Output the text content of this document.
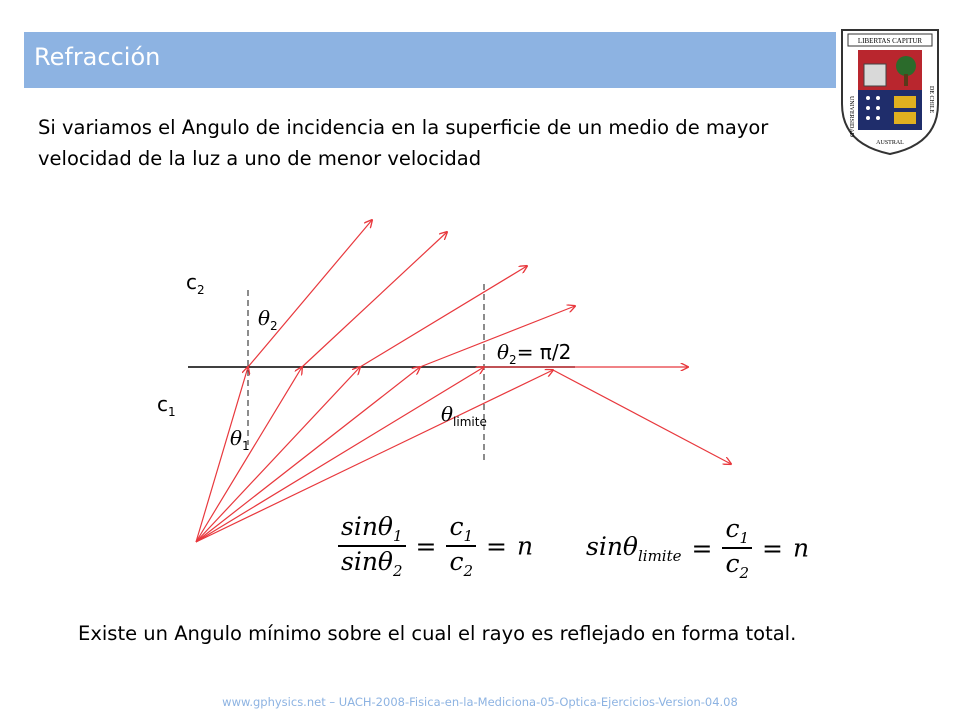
Refracción
Si variamos el Angulo de incidencia en la superficie de un medio de mayor velocidad de la luz a uno de menor velocidad
LIBERTAS CAPITUR
UNIVERSIDAD
AUSTRAL
DE CHILE
$c_2$
$c_1$
$\theta_2$
$\theta_1$
$\theta_2= \pi/2$
$\theta_{limite}$
$\frac{\sin\theta_1}{\sin\theta_2} = \frac{c_1}{c_2} = n$ $\sin\theta_{limite} = \frac{c_1}{c_2} = n$
Existe un Angulo mínimo sobre el cual el rayo es reflejado en forma total.
www.gphysics.net – UACH-2008-Fisica-en-la-Mediciona-05-Optica-Ejercicios-Version-04.08
